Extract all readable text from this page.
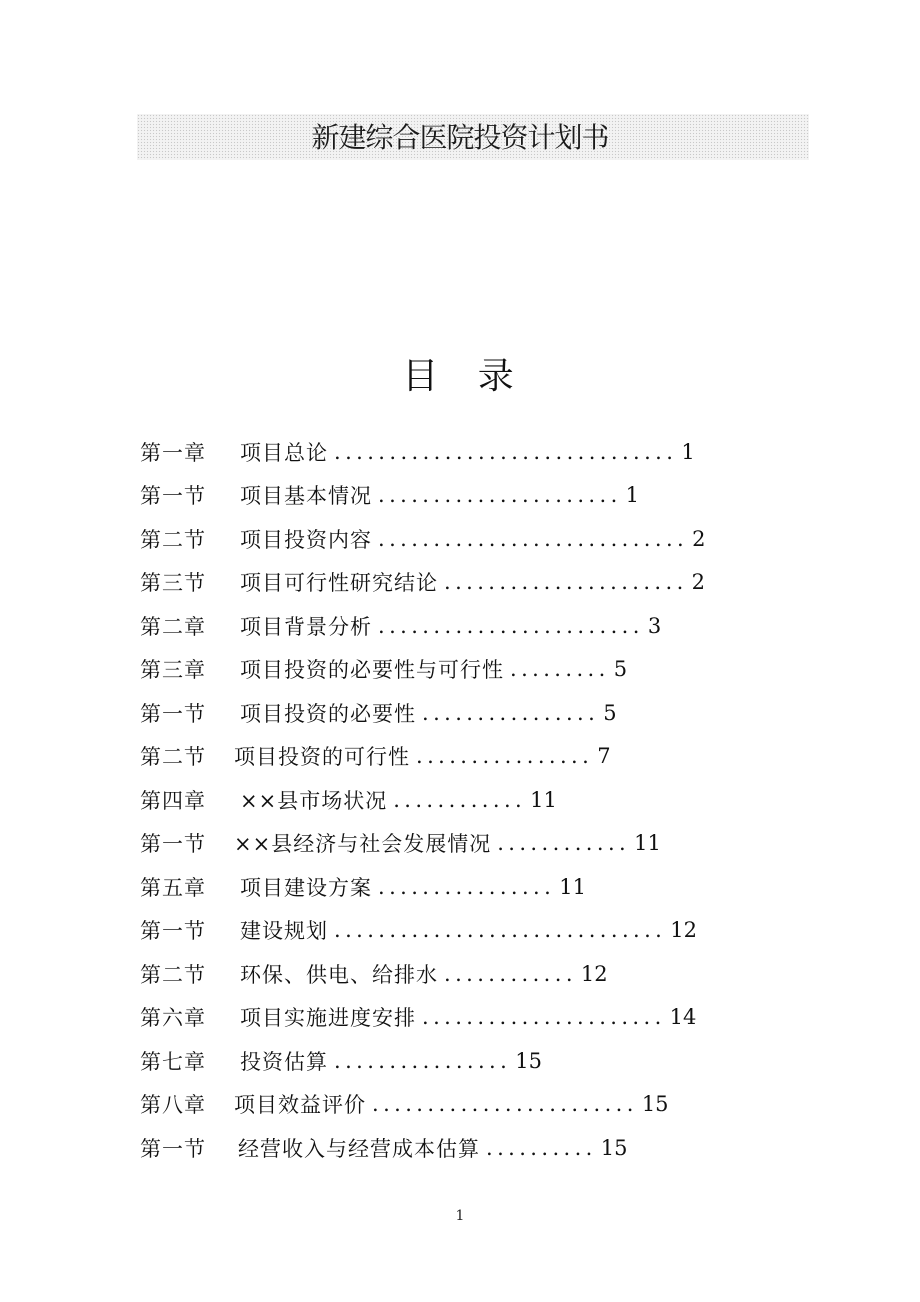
新建综合医院投资计划书
目 录
第一章	项目总论 ............................... 1
第一节	项目基本情况 ...................... 1
第二节	项目投资内容 ............................ 2
第三节	项目可行性研究结论 ...................... 2
第二章	项目背景分析 ........................ 3
第三章	项目投资的必要性与可行性 ......... 5
第一节	项目投资的必要性 ................ 5
第二节	项目投资的可行性 ................ 7
第四章	××县市场状况 ............ 11
第一节	××县经济与社会发展情况 ............ 11
第五章	项目建设方案 ................ 11
第一节	建设规划 .............................. 12
第二节	环保、供电、给排水 ............ 12
第六章	项目实施进度安排 ...................... 14
第七章	投资估算 ................ 15
第八章	项目效益评价 ........................ 15
第一节	经营收入与经营成本估算 .......... 15
1
